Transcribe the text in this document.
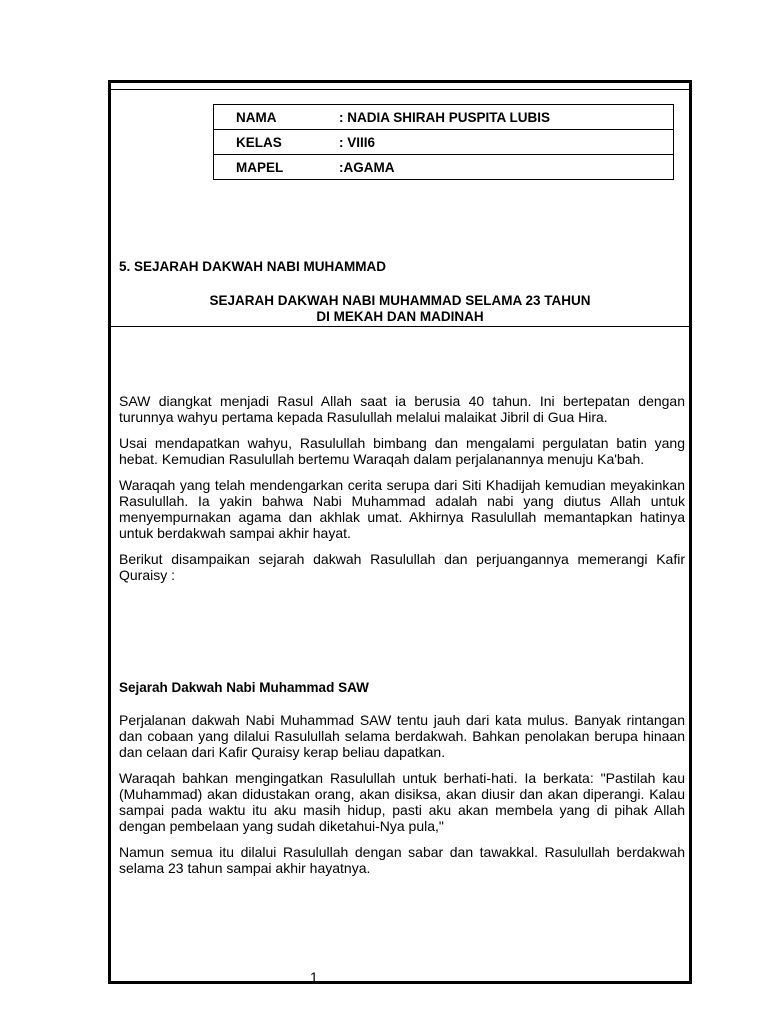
NAMA	: NADIA SHIRAH PUSPITA LUBIS
KELAS	: VIII6
MAPEL	:AGAMA
5. SEJARAH DAKWAH NABI MUHAMMAD
SEJARAH DAKWAH NABI MUHAMMAD SELAMA 23 TAHUN
DI MEKAH DAN MADINAH

SAW diangkat menjadi Rasul Allah saat ia berusia 40 tahun. Ini bertepatan dengan turunnya wahyu pertama kepada Rasulullah melalui malaikat Jibril di Gua Hira.

Usai mendapatkan wahyu, Rasulullah bimbang dan mengalami pergulatan batin yang hebat. Kemudian Rasulullah bertemu Waraqah dalam perjalanannya menuju Ka'bah.

Waraqah yang telah mendengarkan cerita serupa dari Siti Khadijah kemudian meyakinkan Rasulullah. Ia yakin bahwa Nabi Muhammad adalah nabi yang diutus Allah untuk menyempurnakan agama dan akhlak umat. Akhirnya Rasulullah memantapkan hatinya untuk berdakwah sampai akhir hayat.

Berikut disampaikan sejarah dakwah Rasulullah dan perjuangannya memerangi Kafir Quraisy :

Sejarah Dakwah Nabi Muhammad SAW

Perjalanan dakwah Nabi Muhammad SAW tentu jauh dari kata mulus. Banyak rintangan dan cobaan yang dilalui Rasulullah selama berdakwah. Bahkan penolakan berupa hinaan dan celaan dari Kafir Quraisy kerap beliau dapatkan.

Waraqah bahkan mengingatkan Rasulullah untuk berhati-hati. Ia berkata: "Pastilah kau (Muhammad) akan didustakan orang, akan disiksa, akan diusir dan akan diperangi. Kalau sampai pada waktu itu aku masih hidup, pasti aku akan membela yang di pihak Allah dengan pembelaan yang sudah diketahui-Nya pula,"

Namun semua itu dilalui Rasulullah dengan sabar dan tawakkal. Rasulullah berdakwah selama 23 tahun sampai akhir hayatnya.

1
